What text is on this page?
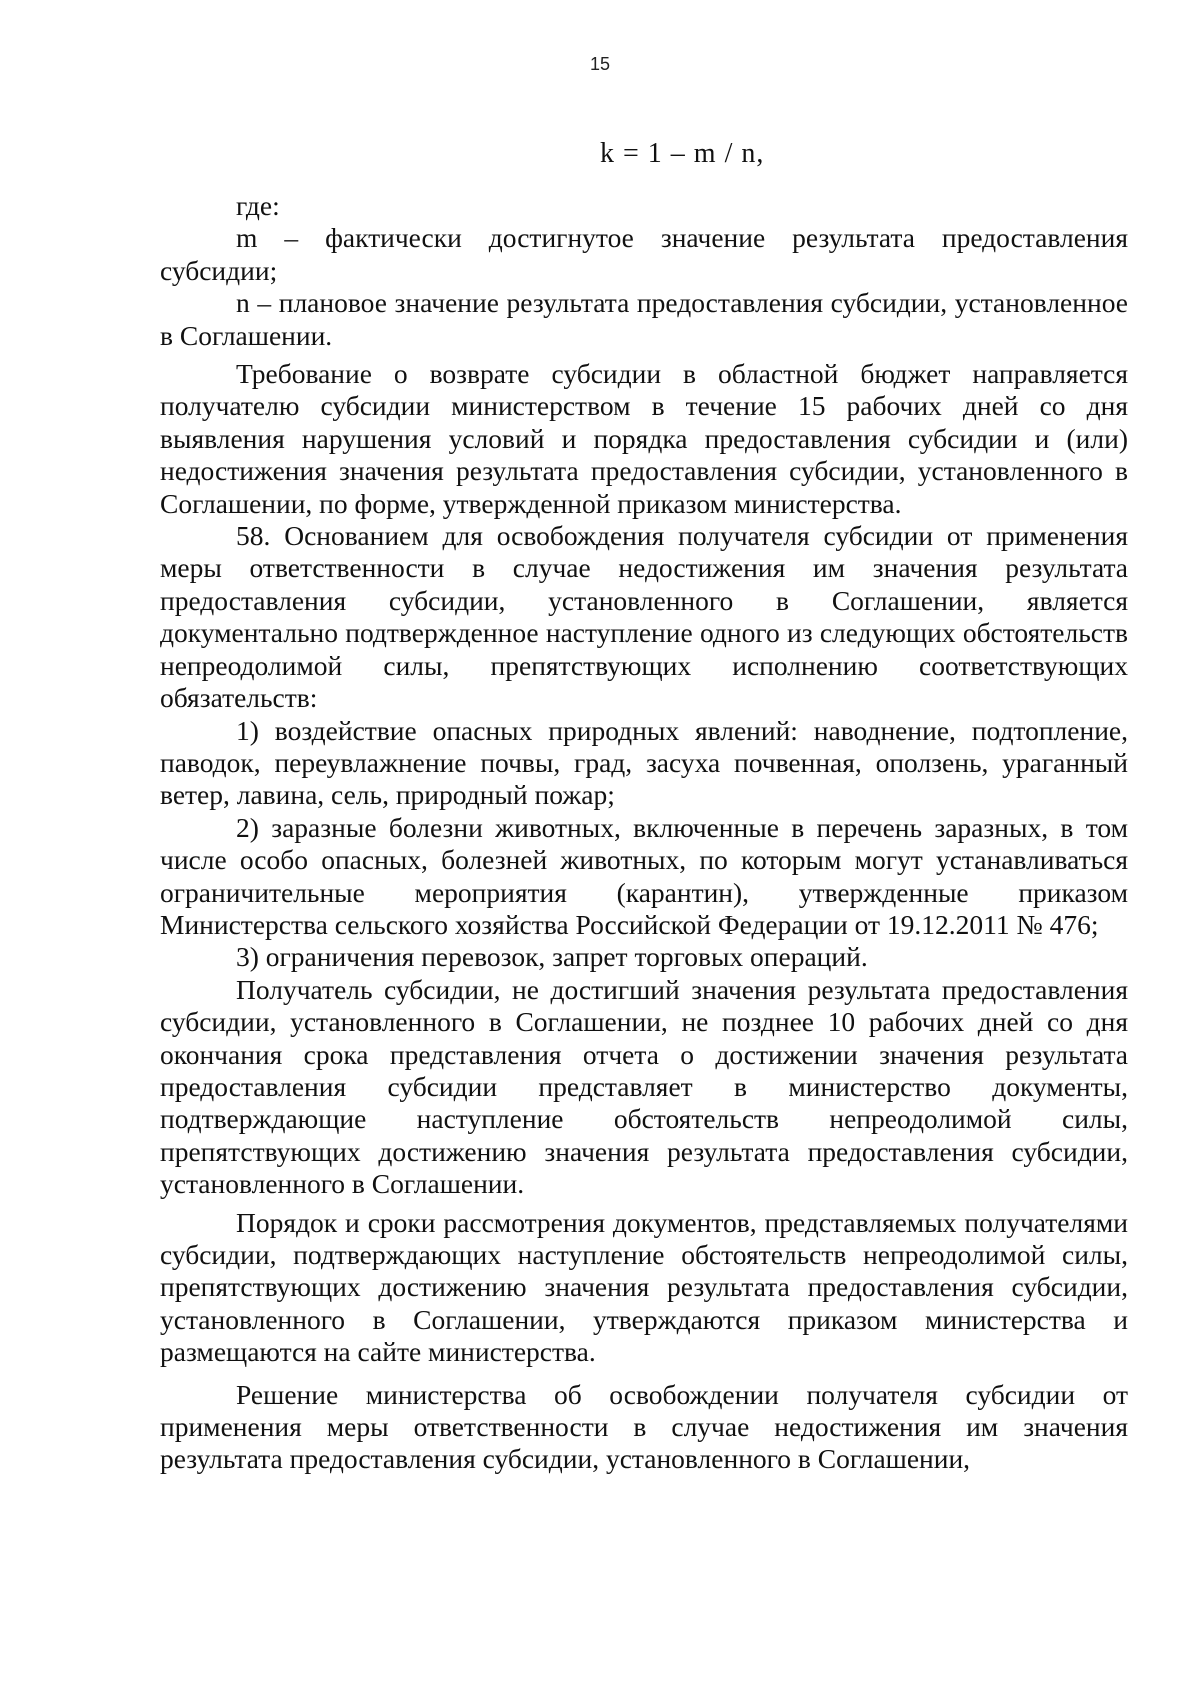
15
k = 1 – m / n,

где:

m – фактически достигнутое значение результата предоставления субсидии;

n – плановое значение результата предоставления субсидии, установленное в Соглашении.

Требование о возврате субсидии в областной бюджет направляется получателю субсидии министерством в течение 15 рабочих дней со дня выявления нарушения условий и порядка предоставления субсидии и (или) недостижения значения результата предоставления субсидии, установленного в Соглашении, по форме, утвержденной приказом министерства.

58. Основанием для освобождения получателя субсидии от применения меры ответственности в случае недостижения им значения результата предоставления субсидии, установленного в Соглашении, является документально подтвержденное наступление одного из следующих обстоятельств непреодолимой силы, препятствующих исполнению соответствующих обязательств:

1) воздействие опасных природных явлений: наводнение, подтопление, паводок, переувлажнение почвы, град, засуха почвенная, оползень, ураганный ветер, лавина, сель, природный пожар;

2) заразные болезни животных, включенные в перечень заразных, в том числе особо опасных, болезней животных, по которым могут устанавливаться ограничительные мероприятия (карантин), утвержденные приказом Министерства сельского хозяйства Российской Федерации от 19.12.2011 № 476;

3) ограничения перевозок, запрет торговых операций.

Получатель субсидии, не достигший значения результата предоставления субсидии, установленного в Соглашении, не позднее 10 рабочих дней со дня окончания срока представления отчета о достижении значения результата предоставления субсидии представляет в министерство документы, подтверждающие наступление обстоятельств непреодолимой силы, препятствующих достижению значения результата предоставления субсидии, установленного в Соглашении.

Порядок и сроки рассмотрения документов, представляемых получателями субсидии, подтверждающих наступление обстоятельств непреодолимой силы, препятствующих достижению значения результата предоставления субсидии, установленного в Соглашении, утверждаются приказом министерства и размещаются на сайте министерства.

Решение министерства об освобождении получателя субсидии от применения меры ответственности в случае недостижения им значения результата предоставления субсидии, установленного в Соглашении,
